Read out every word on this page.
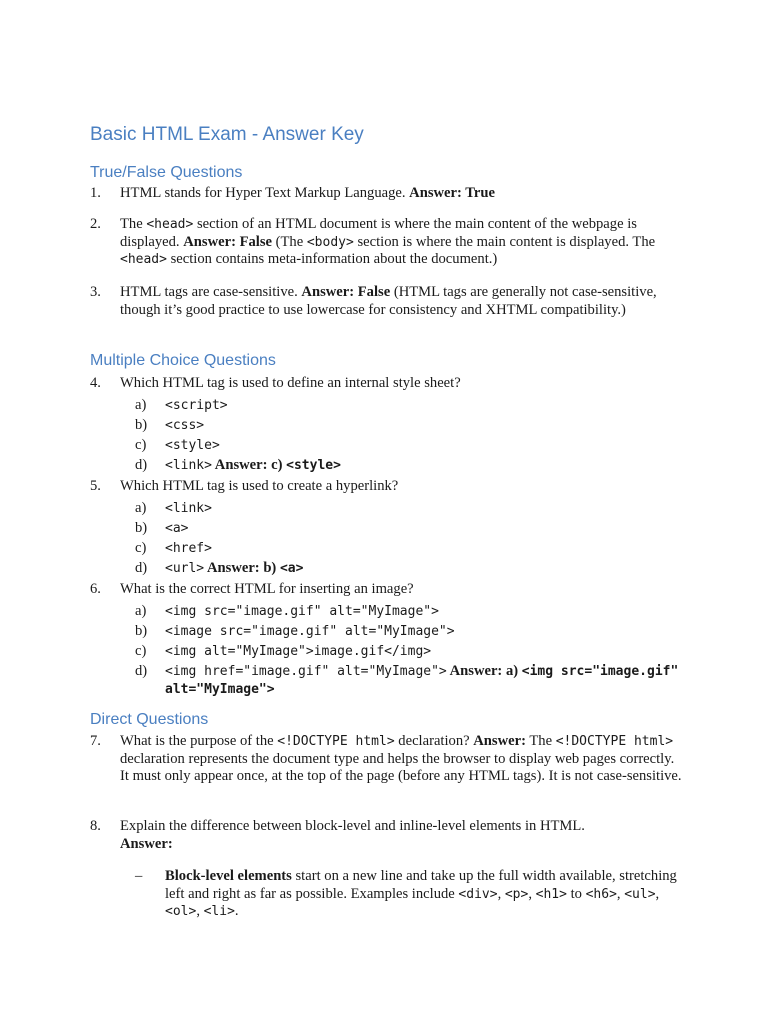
Basic HTML Exam - Answer Key
True/False Questions
1. HTML stands for Hyper Text Markup Language. Answer: True
2. The <head> section of an HTML document is where the main content of the webpage is displayed. Answer: False (The <body> section is where the main content is displayed. The <head> section contains meta-information about the document.)
3. HTML tags are case-sensitive. Answer: False (HTML tags are generally not case-sensitive, though it’s good practice to use lowercase for consistency and XHTML compatibility.)
Multiple Choice Questions
4. Which HTML tag is used to define an internal style sheet?
a) <script>
b) <css>
c) <style>
d) <link> Answer: c) <style>
5. Which HTML tag is used to create a hyperlink?
a) <link>
b) <a>
c) <href>
d) <url> Answer: b) <a>
6. What is the correct HTML for inserting an image?
a) <img src="image.gif" alt="MyImage">
b) <image src="image.gif" alt="MyImage">
c) <img alt="MyImage">image.gif</img>
d) <img href="image.gif" alt="MyImage"> Answer: a) <img src="image.gif" alt="MyImage">
Direct Questions
7. What is the purpose of the <!DOCTYPE html> declaration? Answer: The <!DOCTYPE html> declaration represents the document type and helps the browser to display web pages correctly. It must only appear once, at the top of the page (before any HTML tags). It is not case-sensitive.
8. Explain the difference between block-level and inline-level elements in HTML.
Answer:
– Block-level elements start on a new line and take up the full width available, stretching left and right as far as possible. Examples include <div>, <p>, <h1> to <h6>, <ul>, <ol>, <li>.
